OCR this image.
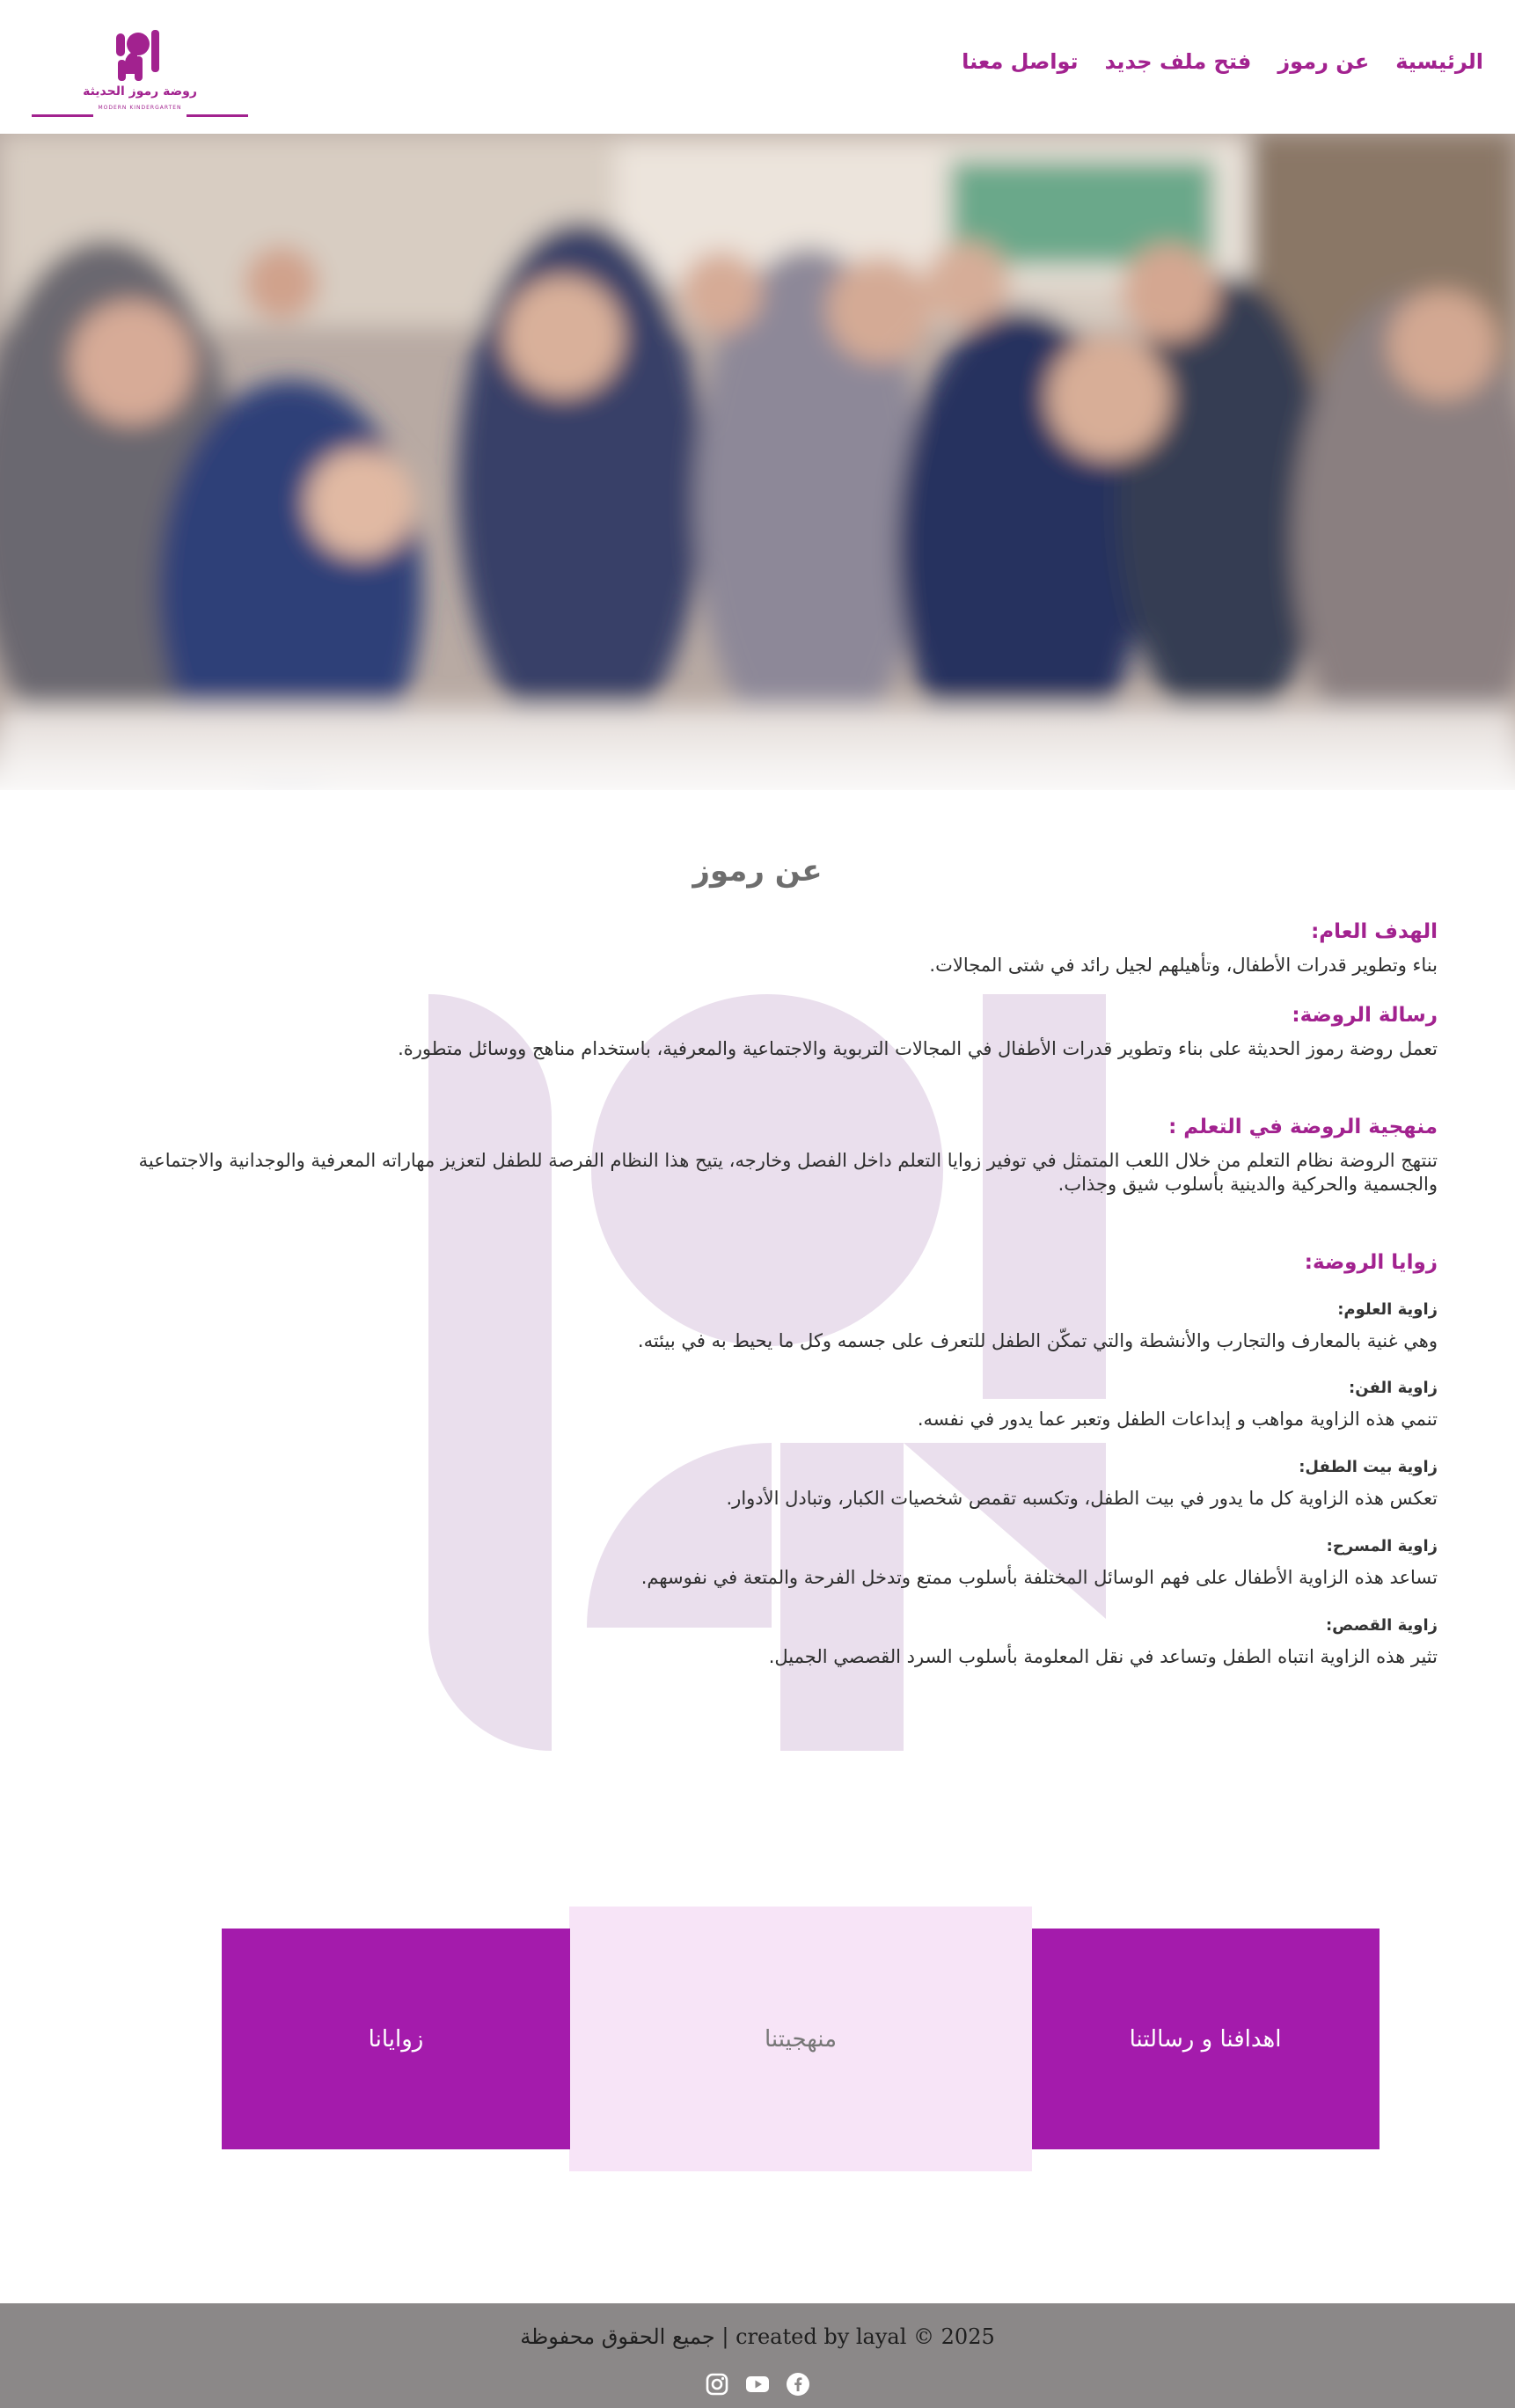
الرئيسية
عن رموز
فتح ملف جديد
تواصل معنا
روضة رموز الحديثة
MODERN KINDERGARTEN
عن رموز
الهدف العام:
بناء وتطوير قدرات الأطفال، وتأهيلهم لجيل رائد في شتى المجالات.
رسالة الروضة:
تعمل روضة رموز الحديثة على بناء وتطوير قدرات الأطفال في المجالات التربوية والاجتماعية والمعرفية، باستخدام مناهج ووسائل متطورة.
منهجية الروضة في التعلم :
تنتهج الروضة نظام التعلم من خلال اللعب المتمثل في توفير زوايا التعلم داخل الفصل وخارجه، يتيح هذا النظام الفرصة للطفل لتعزيز مهاراته المعرفية والوجدانية والاجتماعية والجسمية والحركية والدينية بأسلوب شيق وجذاب.
زوايا الروضة:
زاوية العلوم:
وهي غنية بالمعارف والتجارب والأنشطة والتي تمكّن الطفل للتعرف على جسمه وكل ما يحيط به في بيئته.
زاوية الفن:
تنمي هذه الزاوية مواهب و إبداعات الطفل وتعبر عما يدور في نفسه.
زاوية بيت الطفل:
تعكس هذه الزاوية كل ما يدور في بيت الطفل، وتكسبه تقمص شخصيات الكبار، وتبادل الأدوار.
زاوية المسرح:
تساعد هذه الزاوية الأطفال على فهم الوسائل المختلفة بأسلوب ممتع وتدخل الفرحة والمتعة في نفوسهم.
زاوية القصص:
تثير هذه الزاوية انتباه الطفل وتساعد في نقل المعلومة بأسلوب السرد القصصي الجميل.
اهدافنا و رسالتنا
منهجيتنا
زوايانا
جميع الحقوق محفوظة | created by layal © 2025
